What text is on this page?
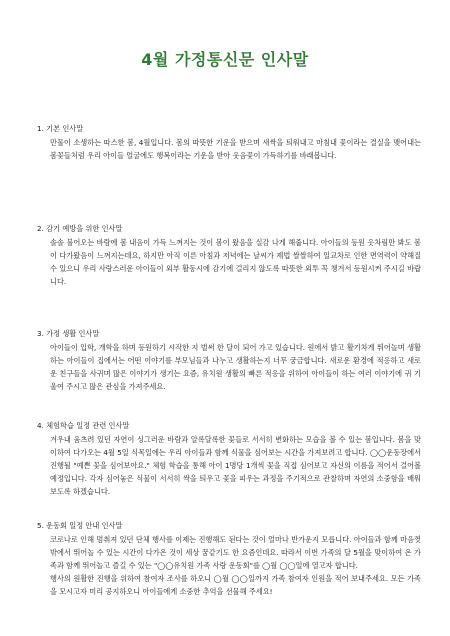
4월 가정통신문 인사말

1. 기본 인사말

만물이 소생하는 따스한 봄, 4월입니다. 봄의 따뜻한 기운을 받으며 새싹을 틔워내고 마침내 꽃이라는 결실을 맺어내는 봄꽃들처럼 우리 아이들 얼굴에도 행복이라는 기운을 받아 웃음꽃이 가득하기를 바래봅니다.

2. 감기 예방을 위한 인사말

솔솔 불어오는 바람에 봄 내음이 가득 느껴지는 것이 봄이 왔음을 실감 나게 해줍니다. 아이들의 등원 옷차림만 봐도 봄이 다가왔음이 느껴지는데요, 하지만 아직 이른 아침과 저녁에는 날씨가 제법 쌀쌀하여 일교차로 인한 면역력이 약해질 수 있으니 우리 사랑스러운 아이들이 외부 활동시에 감기에 걸리지 않도록 따뜻한 외투 꼭 챙겨서 등원시켜 주시길 바랍니다.

3. 가정 생활 인사말

아이들이 입학, 개학을 하며 등원하기 시작한 지 벌써 한 달이 되어 가고 있습니다. 원에서 밝고 활기차게 뛰어놀며 생활하는 아이들이 집에서는 어떤 이야기를 부모님들과 나누고 생활하는지 너무 궁금합니다. 새로운 환경에 적응하고 새로운 친구들을 사귀며 많은 이야기가 생기는 요즘, 유치원 생활의 빠른 적응을 위하여 아이들이 하는 여러 이야기에 귀 기울여 주시고 많은 관심을 가져주세요.

4. 체험학습 일정 관련 인사말

겨우내 움츠려 있던 자연이 싱그러운 바람과 알록달록한 꽃들로 서서히 변화하는 모습을 볼 수 있는 봄입니다. 봄을 맞이하여 다가오는 4월 5일 식목일에는 우리 아이들과 함께 식물을 심어보는 시간을 가져보려고 합니다. ◯◯운동장에서 진행될 "예쁜 꽃을 심어보아요." 체험 학습을 통해 아이 1명당 1개씩 꽃을 직접 심어보고 자신의 이름을 적어서 걸어볼 예정입니다. 각자 심어놓은 식물이 서서히 싹을 틔우고 꽃을 피우는 과정을 주기적으로 관찰하며 자연의 소중함을 배워보도록 하겠습니다.

5. 운동회 일정 안내 인사말

코로나로 인해 멈춰져 있던 단체 행사를 이제는 진행해도 된다는 것이 얼마나 반가운지 모릅니다. 아이들과 함께 마음껏 밖에서 뛰어놀 수 있는 시간이 다가온 것이 세상 꿈같기도 한 요즘인데요. 따라서 이번 가족의 달 5월을 맞이하여 온 가족과 함께 뛰어놀고 즐길 수 있는 "◯◯유치원 가족 사랑 운동회"를 ◯월 ◯◯일에 열고자 합니다.

행사의 원활한 진행을 위하여 참여자 조사를 하오니 ◯월 ◯◯일까지 가족 참여자 인원을 적어 보내주세요. 모든 가족을 모시고자 미리 공지하오니 아이들에게 소중한 추억을 선물해 주세요!
